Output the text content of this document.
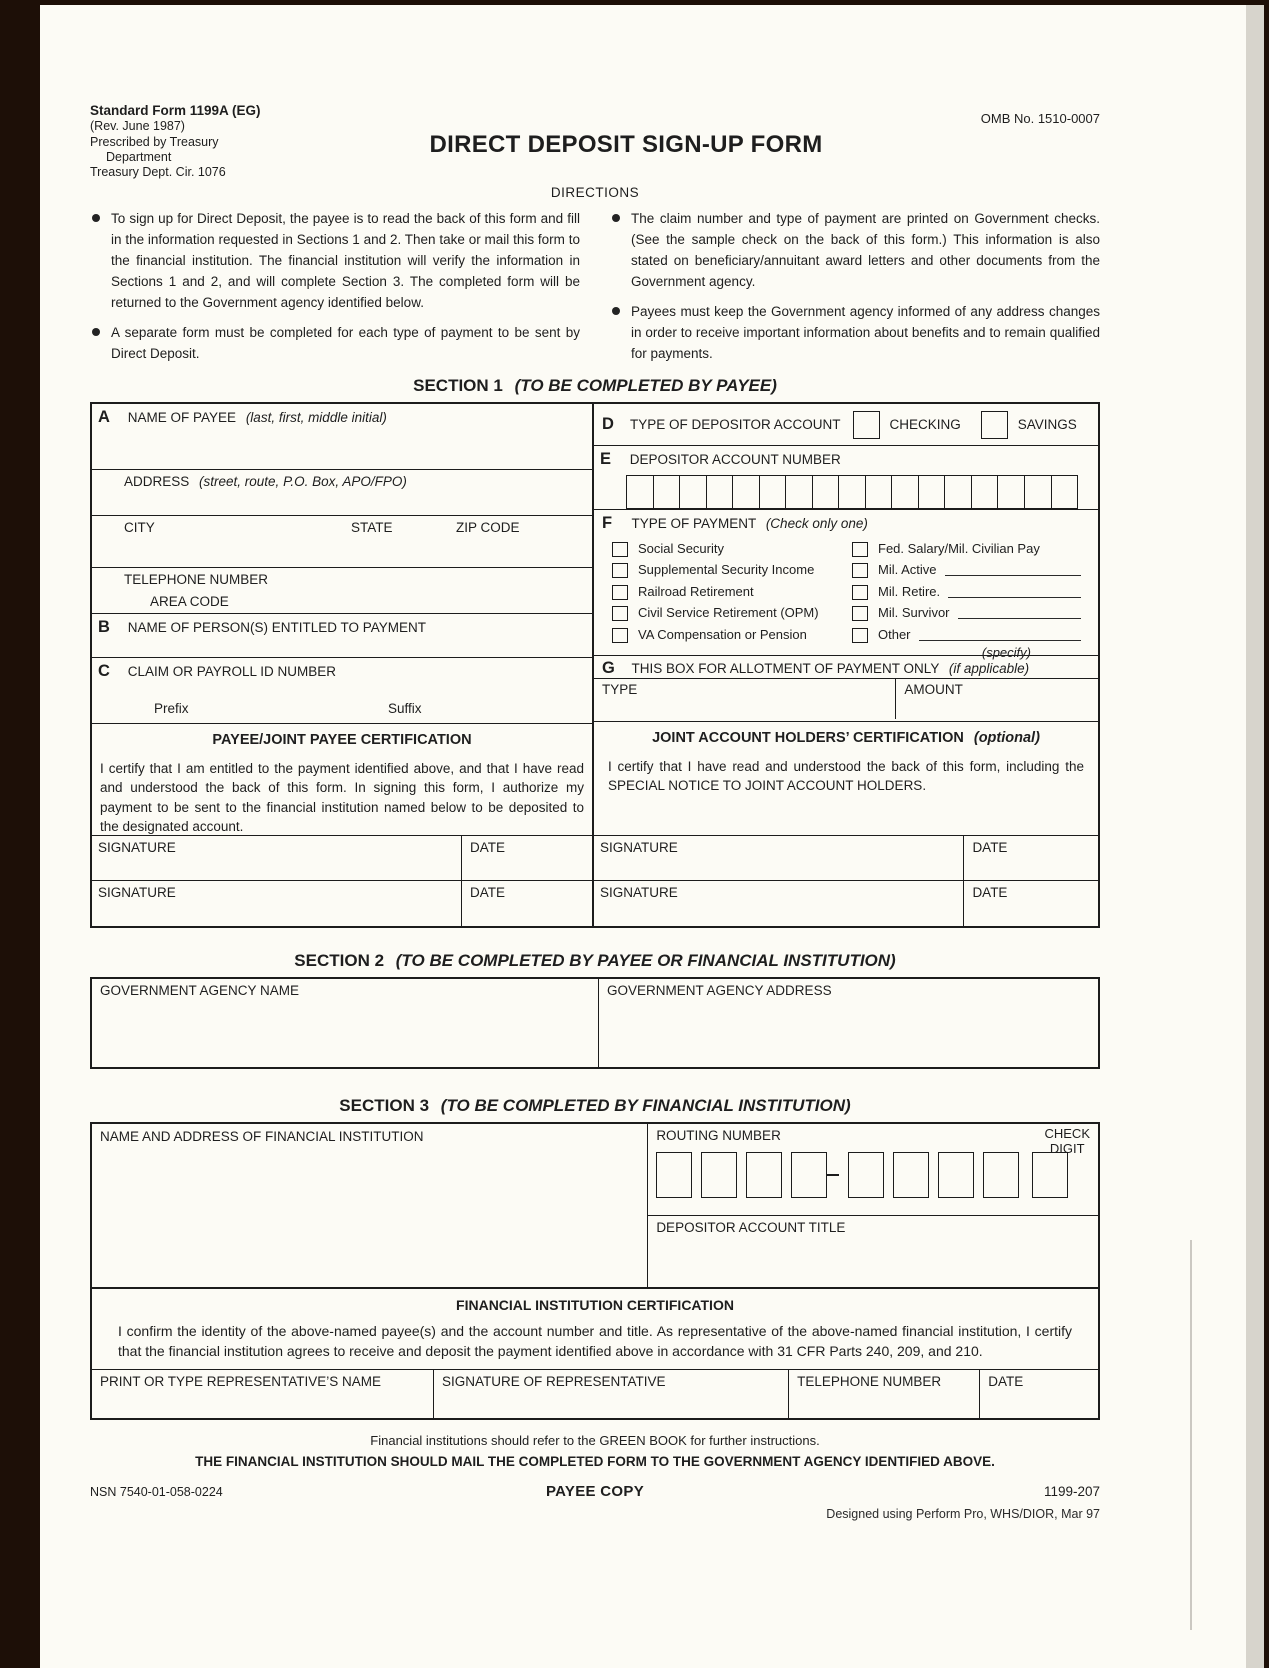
Standard Form 1199A (EG)
(Rev. June 1987)
Prescribed by Treasury
Department
Treasury Dept. Cir. 1076
DIRECT DEPOSIT SIGN-UP FORM
OMB No. 1510-0007
DIRECTIONS

To sign up for Direct Deposit, the payee is to read the back of this form and fill in the information requested in Sections 1 and 2. Then take or mail this form to the financial institution. The financial institution will verify the information in Sections 1 and 2, and will complete Section 3. The completed form will be returned to the Government agency identified below.

A separate form must be completed for each type of payment to be sent by Direct Deposit.

The claim number and type of payment are printed on Government checks. (See the sample check on the back of this form.) This information is also stated on beneficiary/annuitant award letters and other documents from the Government agency.

Payees must keep the Government agency informed of any address changes in order to receive important information about benefits and to remain qualified for payments.

SECTION 1 (TO BE COMPLETED BY PAYEE)
A NAME OF PAYEE (last, first, middle initial)
ADDRESS (street, route, P.O. Box, APO/FPO)
CITY	STATE	ZIP CODE
TELEPHONE NUMBER
AREA CODE
B NAME OF PERSON(S) ENTITLED TO PAYMENT
C CLAIM OR PAYROLL ID NUMBER
Prefix	Suffix
PAYEE/JOINT PAYEE CERTIFICATION

I certify that I am entitled to the payment identified above, and that I have read and understood the back of this form. In signing this form, I authorize my payment to be sent to the financial institution named below to be deposited to the designated account.

SIGNATURE	DATE
SIGNATURE	DATE
D	TYPE OF DEPOSITOR ACCOUNT	CHECKING	SAVINGS
E DEPOSITOR ACCOUNT NUMBER
F TYPE OF PAYMENT (Check only one)
Social Security
Supplemental Security Income
Railroad Retirement
Civil Service Retirement (OPM)
VA Compensation or Pension
Fed. Salary/Mil. Civilian Pay
Mil. Active
Mil. Retire.
Mil. Survivor
Other
(specify)
G THIS BOX FOR ALLOTMENT OF PAYMENT ONLY (if applicable)
TYPE	AMOUNT
JOINT ACCOUNT HOLDERS’ CERTIFICATION (optional)

I certify that I have read and understood the back of this form, including the SPECIAL NOTICE TO JOINT ACCOUNT HOLDERS.

SIGNATURE	DATE
SIGNATURE	DATE
SECTION 2 (TO BE COMPLETED BY PAYEE OR FINANCIAL INSTITUTION)
GOVERNMENT AGENCY NAME	GOVERNMENT AGENCY ADDRESS
SECTION 3 (TO BE COMPLETED BY FINANCIAL INSTITUTION)
NAME AND ADDRESS OF FINANCIAL INSTITUTION	ROUTING NUMBER	CHECK
DIGIT
DEPOSITOR ACCOUNT TITLE
FINANCIAL INSTITUTION CERTIFICATION

I confirm the identity of the above-named payee(s) and the account number and title. As representative of the above-named financial institution, I certify that the financial institution agrees to receive and deposit the payment identified above in accordance with 31 CFR Parts 240, 209, and 210.

PRINT OR TYPE REPRESENTATIVE’S NAME	SIGNATURE OF REPRESENTATIVE	TELEPHONE NUMBER	DATE
Financial institutions should refer to the GREEN BOOK for further instructions.
THE FINANCIAL INSTITUTION SHOULD MAIL THE COMPLETED FORM TO THE GOVERNMENT AGENCY IDENTIFIED ABOVE.
NSN 7540-01-058-0224	PAYEE COPY	1199-207
Designed using Perform Pro, WHS/DIOR, Mar 97
